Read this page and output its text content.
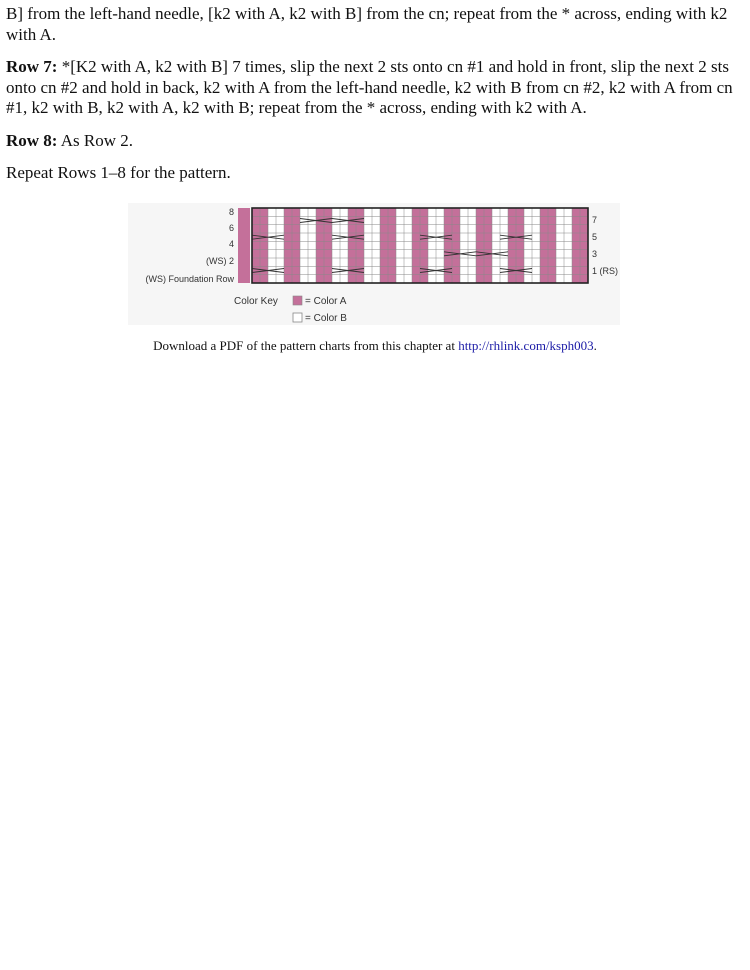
B] from the left-hand needle, [k2 with A, k2 with B] from the cn; repeat from the * across, ending with k2 with A.

Row 7: *[K2 with A, k2 with B] 7 times, slip the next 2 sts onto cn #1 and hold in front, slip the next 2 sts onto cn #2 and hold in back, k2 with A from the left-hand needle, k2 with B from cn #2, k2 with A from cn #1, k2 with B, k2 with A, k2 with B; repeat from the * across, ending with k2 with A.

Row 8: As Row 2.

Repeat Rows 1–8 for the pattern.

8
6
4
(WS) 2
(WS) Foundation Row
7
5
3
1 (RS)
Color Key	= Color A
= Color B
Download a PDF of the pattern charts from this chapter at http://rhlink.com/ksph003.
